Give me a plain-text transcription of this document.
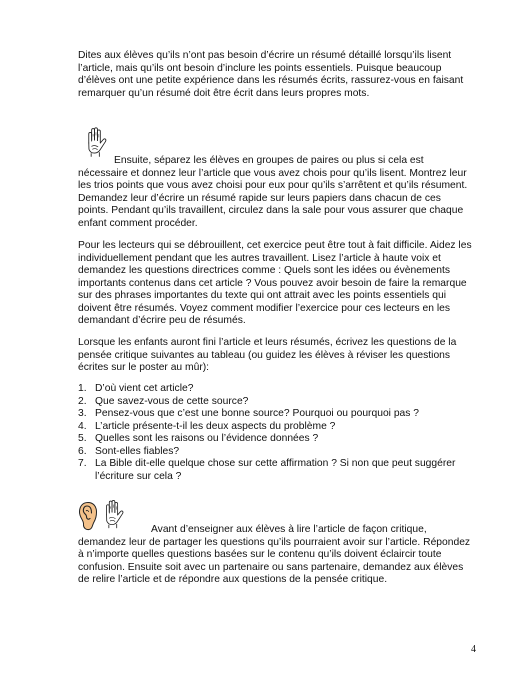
Dites aux élèves qu’ils n’ont pas besoin d’écrire un résumé détaillé lorsqu’ils lisent l’article, mais qu’ils ont besoin d’inclure les points essentiels. Puisque beaucoup d’élèves ont une petite expérience dans les résumés écrits, rassurez-vous en faisant remarquer qu’un résumé doit être écrit dans leurs propres mots.

Ensuite, séparez les élèves en groupes de paires ou plus si cela est nécessaire et donnez leur l’article que vous avez chois pour qu’ils lisent. Montrez leur les trios points que vous avez choisi pour eux pour qu’ils s’arrêtent et qu’ils résument. Demandez leur d’écrire un résumé rapide sur leurs papiers dans chacun de ces points. Pendant qu’ils travaillent, circulez dans la sale pour vous assurer que chaque enfant comment procéder.

Pour les lecteurs qui se débrouillent, cet exercice peut être tout à fait difficile. Aidez les individuellement pendant que les autres travaillent. Lisez l’article à haute voix et demandez les questions directrices comme : Quels sont les idées ou évènements importants contenus dans cet article ? Vous pouvez avoir besoin de faire la remarque sur des phrases importantes du texte qui ont attrait avec les points essentiels qui doivent être résumés. Voyez comment modifier l’exercice pour ces lecteurs en les demandant d’écrire peu de résumés.

Lorsque les enfants auront fini l’article et leurs résumés, écrivez les questions de la pensée critique suivantes au tableau (ou guidez les élèves à réviser les questions écrites sur le poster au mûr):

1. D’où vient cet article?
2. Que savez-vous de cette source?
3. Pensez-vous que c’est une bonne source? Pourquoi ou pourquoi pas ?
4. L’article présente-t-il les deux aspects du problème ?
5. Quelles sont les raisons ou l’évidence données ?
6. Sont-elles fiables?
7. La Bible dit-elle quelque chose sur cette affirmation ? Si non que peut suggérer l’écriture sur cela ?

Avant d’enseigner aux élèves à lire l’article de façon critique, demandez leur de partager les questions qu’ils pourraient avoir sur l’article. Répondez à n’importe quelles questions basées sur le contenu qu’ils doivent éclaircir toute confusion. Ensuite soit avec un partenaire ou sans partenaire, demandez aux élèves de relire l’article et de répondre aux questions de la pensée critique.

4
